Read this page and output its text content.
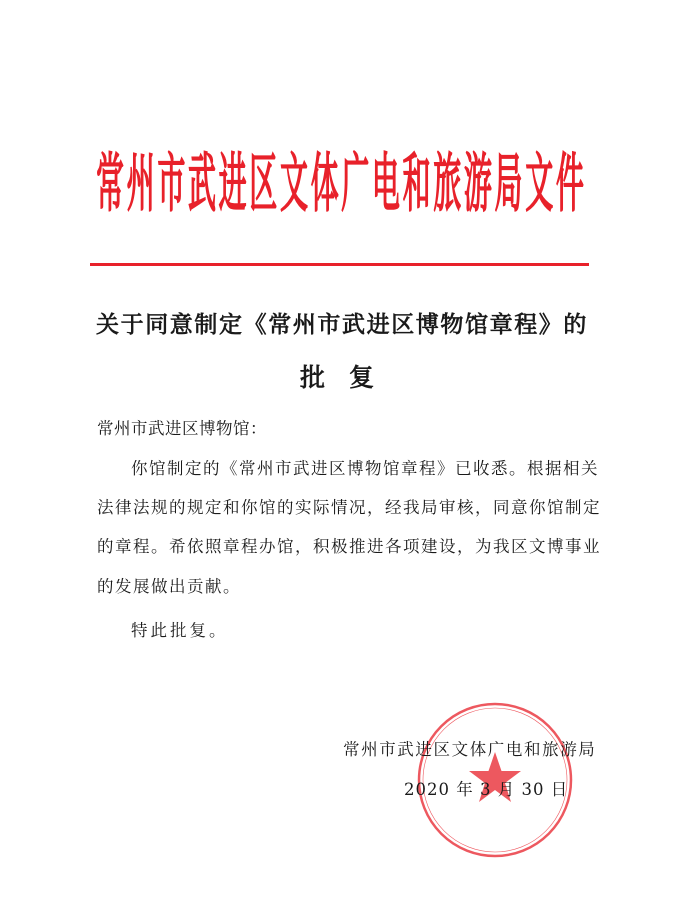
常 州 市 武 进 区 文 体 广 电 和 旅 游 局 文 件
关于同意制定《常州市武进区博物馆章程》的
批复
常州市武进区博物馆：
你馆制定的《常州市武进区博物馆章程》已收悉。根据相关
法律法规的规定和你馆的实际情况，经我局审核，同意你馆制定
的章程。希依照章程办馆，积极推进各项建设，为我区文博事业
的发展做出贡献。
特此批复。
常州市武进区文体广电和旅游局
2020 年 3 月 30 日
